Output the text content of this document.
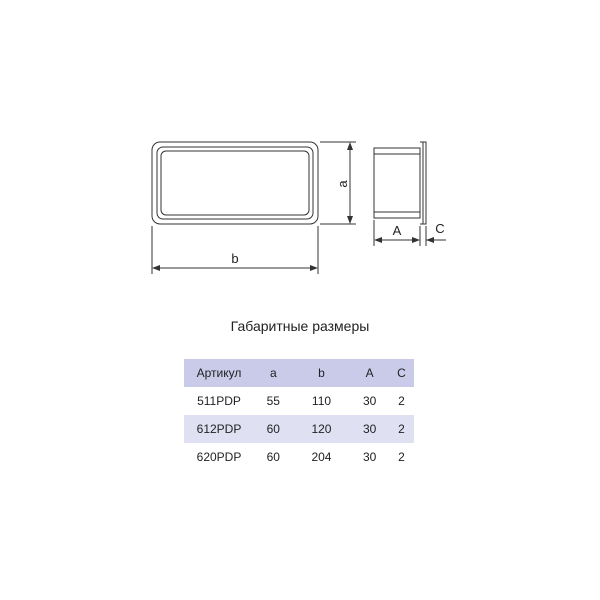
b
a
A	C
Габаритные размеры
Артикул	a	b	A	C
511PDP	55	110	30	2
612PDP	60	120	30	2
620PDP	60	204	30	2
